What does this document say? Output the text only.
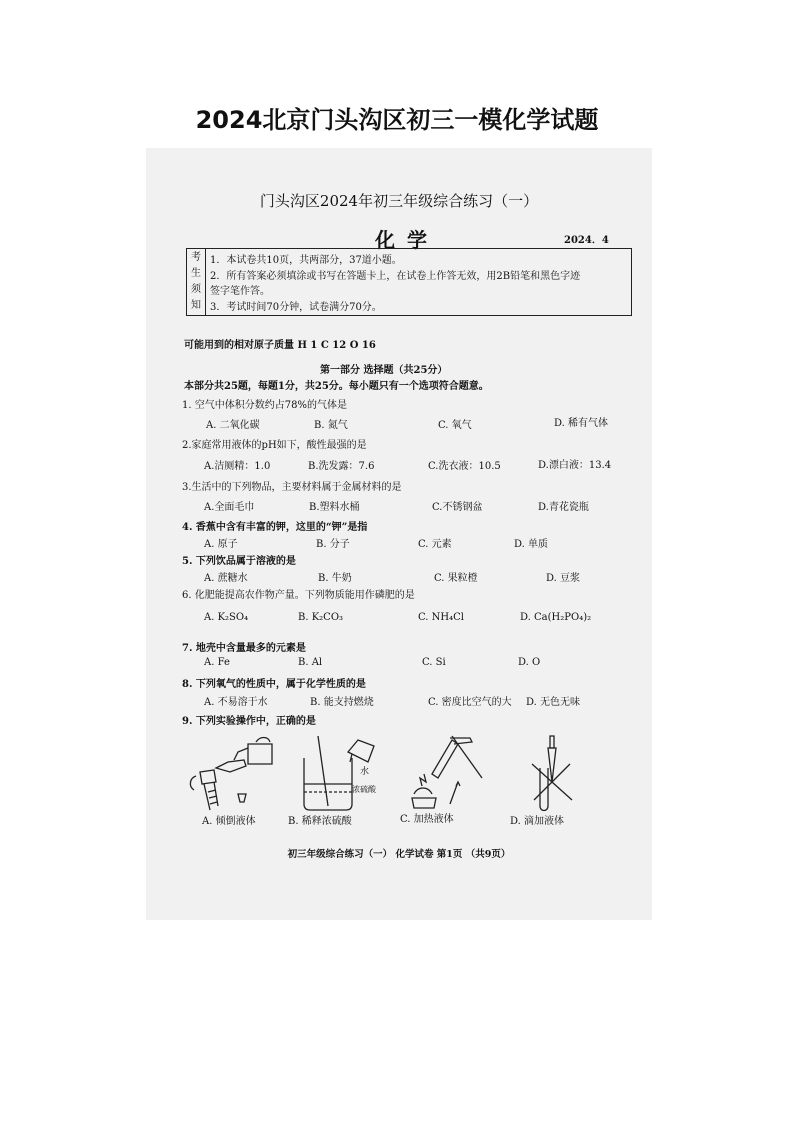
2024北京门头沟区初三一模化学试题
门头沟区2024年初三年级综合练习（一）
化学	2024．4
考
生
须
知
1．本试卷共10页，共两部分，37道小题。
2．所有答案必须填涂或书写在答题卡上，在试卷上作答无效，用2B铅笔和黑色字迹
签字笔作答。
3．考试时间70分钟，试卷满分70分。
可能用到的相对原子质量 H 1 C 12 O 16
第一部分 选择题（共25分）
本部分共25题，每题1分，共25分。每小题只有一个选项符合题意。
1. 空气中体积分数约占78%的气体是
A. 二氧化碳	B. 氮气	C. 氧气	D. 稀有气体
2.家庭常用液体的pH如下，酸性最强的是
A.洁厕精：1.0	B.洗发露：7.6	C.洗衣液：10.5	D.漂白液：13.4
3.生活中的下列物品，主要材料属于金属材料的是
A.全面毛巾	B.塑料水桶	C.不锈钢盆	D.青花瓷瓶
4. 香蕉中含有丰富的钾，这里的“钾”是指
A. 原子	B. 分子	C. 元素	D. 单质
5. 下列饮品属于溶液的是
A. 蔗糖水	B. 牛奶	C. 果粒橙	D. 豆浆
6. 化肥能提高农作物产量。下列物质能用作磷肥的是
A. K₂SO₄	B. K₂CO₃	C. NH₄Cl	D. Ca(H₂PO₄)₂
7. 地壳中含量最多的元素是
A. Fe	B. Al	C. Si	D. O
8. 下列氧气的性质中，属于化学性质的是
A. 不易溶于水	B. 能支持燃烧	C. 密度比空气的大 D. 无色无味
9. 下列实验操作中，正确的是
水
浓硫酸
A. 倾倒液体	B. 稀释浓硫酸	C. 加热液体	D. 滴加液体
初三年级综合练习（一） 化学试卷 第1页 （共9页）
